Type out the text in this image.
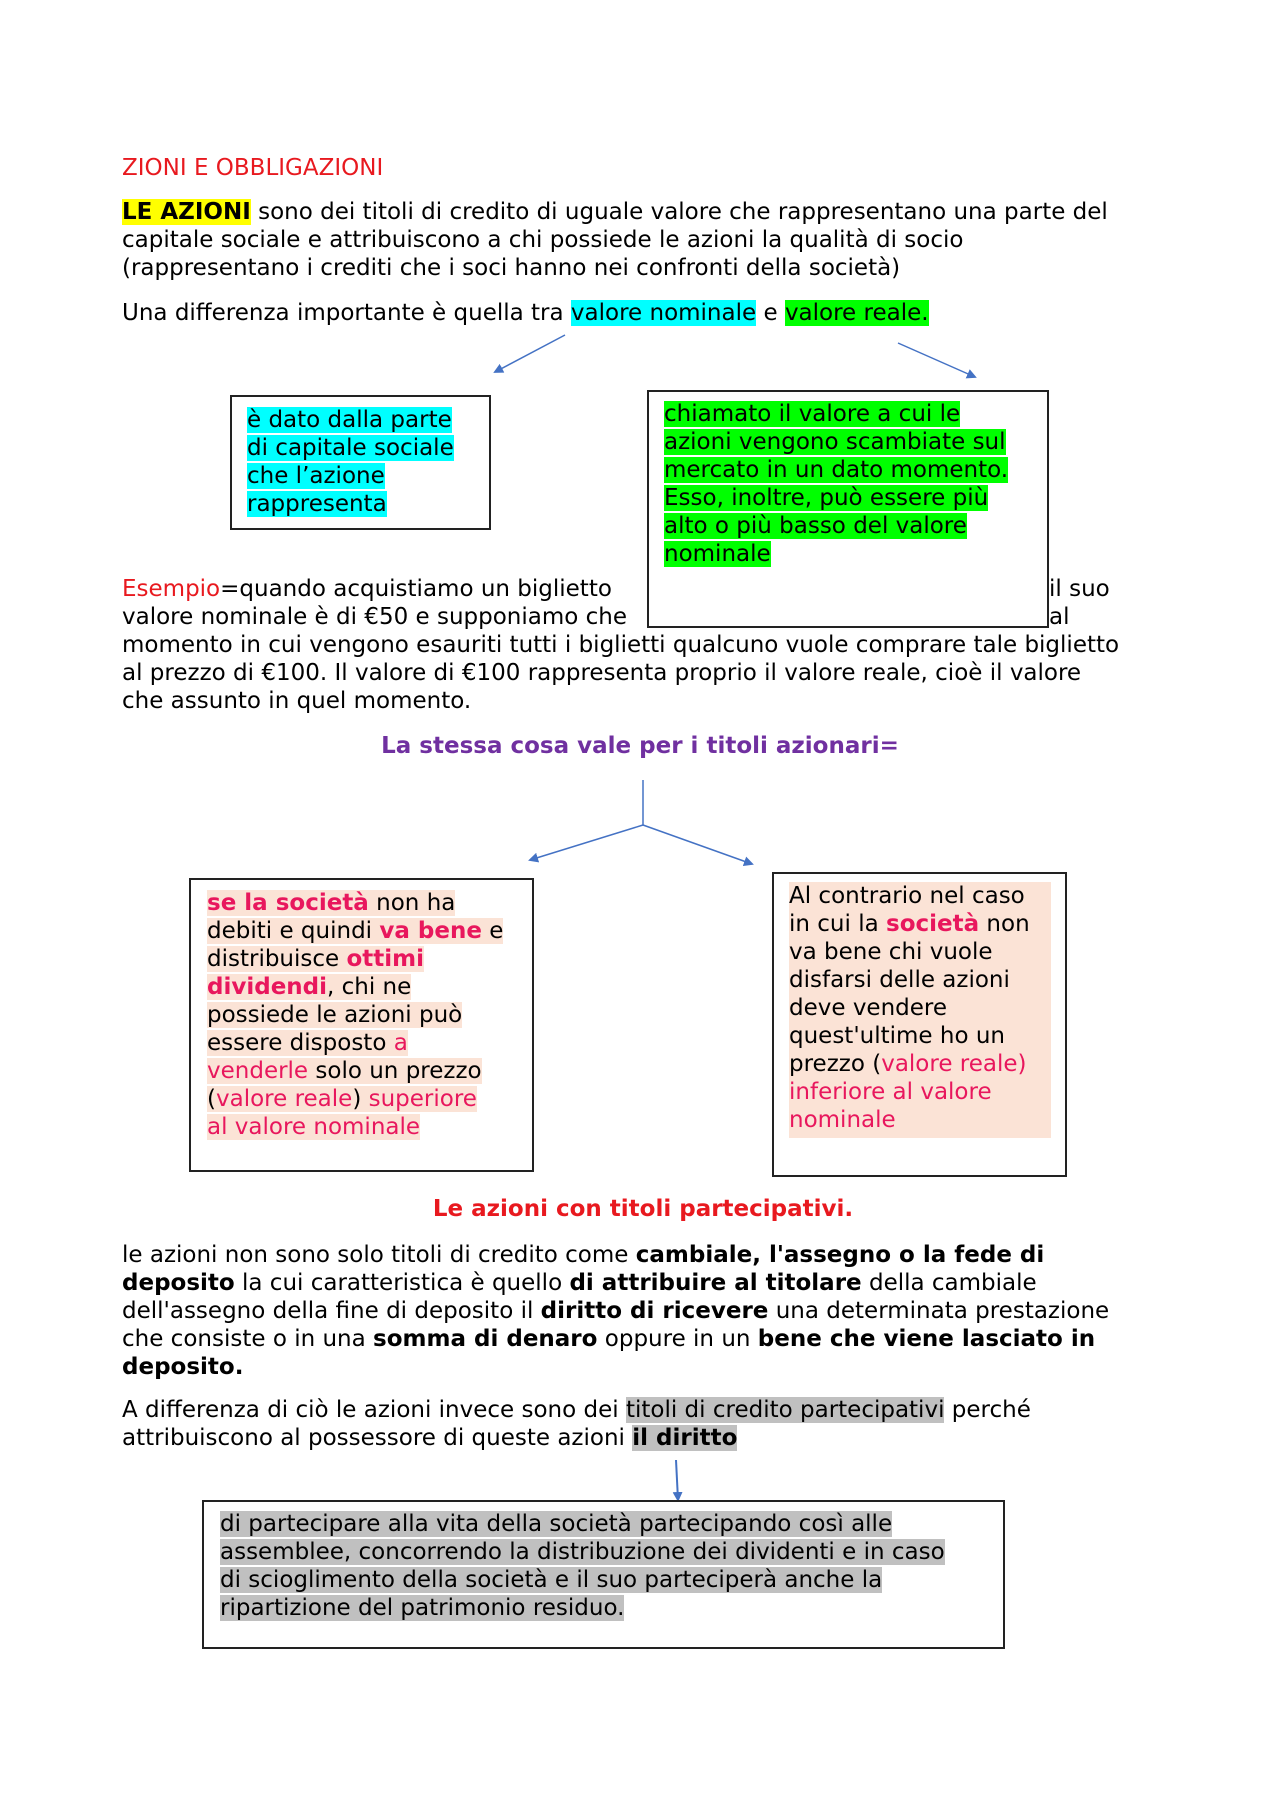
ZIONI E OBBLIGAZIONI
LE AZIONI sono dei titoli di credito di uguale valore che rappresentano una parte del
capitale sociale e attribuiscono a chi possiede le azioni la qualità di socio
(rappresentano i crediti che i soci hanno nei confronti della società)
Una differenza importante è quella tra valore nominale e valore reale.
Esempio=quando acquistiamo un biglietto	il suo
valore nominale è di €50 e supponiamo che	al
momento in cui vengono esauriti tutti i biglietti qualcuno vuole comprare tale biglietto
al prezzo di €100. Il valore di €100 rappresenta proprio il valore reale, cioè il valore
che assunto in quel momento.
è dato dalla parte
di capitale sociale
che l’azione
rappresenta
chiamato il valore a cui le
azioni vengono scambiate sul
mercato in un dato momento.
Esso, inoltre, può essere più
alto o più basso del valore
nominale
La stessa cosa vale per i titoli azionari=
se la società non ha
debiti e quindi va bene e
distribuisce ottimi
dividendi, chi ne
possiede le azioni può
essere disposto a
venderle solo un prezzo
(valore reale) superiore
al valore nominale
Al contrario nel caso
in cui la società non
va bene chi vuole
disfarsi delle azioni
deve vendere
quest'ultime ho un
prezzo (valore reale)
inferiore al valore
nominale
Le azioni con titoli partecipativi.
le azioni non sono solo titoli di credito come cambiale, l'assegno o la fede di
deposito la cui caratteristica è quello di attribuire al titolare della cambiale
dell'assegno della fine di deposito il diritto di ricevere una determinata prestazione
che consiste o in una somma di denaro oppure in un bene che viene lasciato in
deposito.
A differenza di ciò le azioni invece sono dei titoli di credito partecipativi perché
attribuiscono al possessore di queste azioni il diritto
di partecipare alla vita della società partecipando così alle
assemblee, concorrendo la distribuzione dei dividenti e in caso
di scioglimento della società e il suo parteciperà anche la
ripartizione del patrimonio residuo.
